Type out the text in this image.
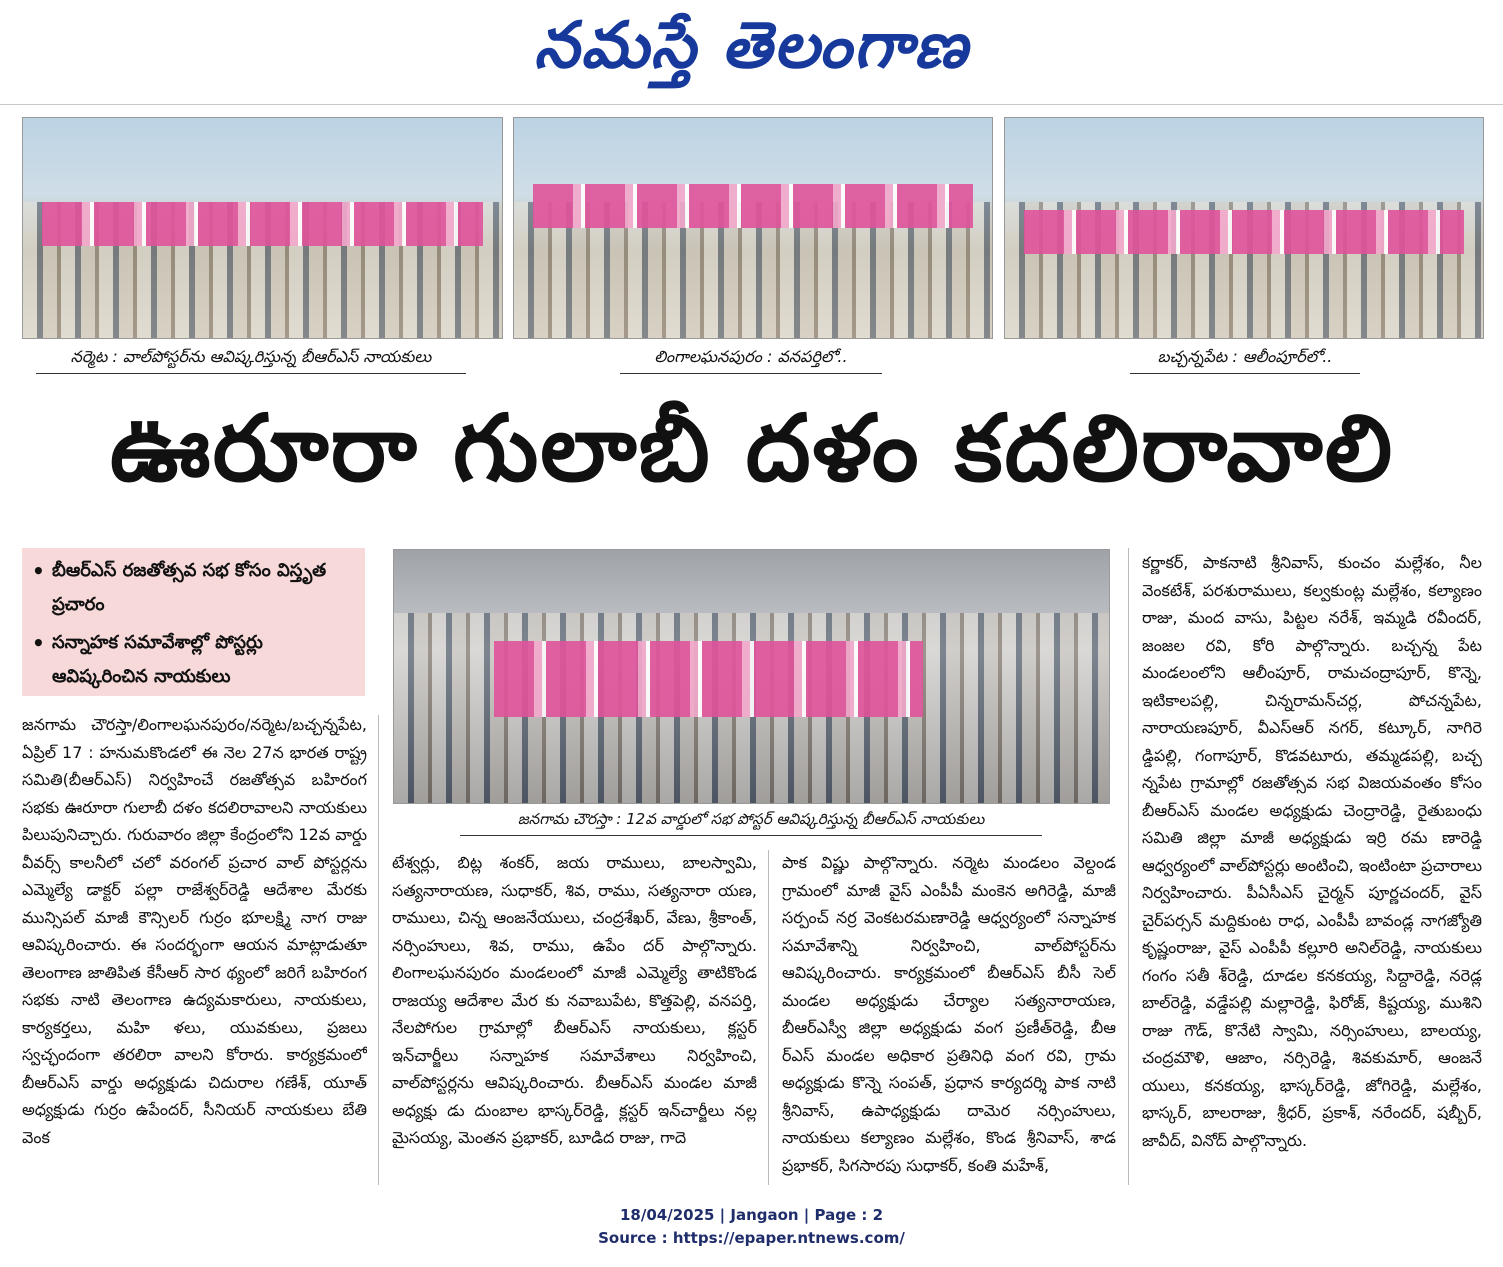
నమస్తే తెలంగాణ
నర్మెట : వాల్‌పోస్టర్‌ను ఆవిష్కరిస్తున్న బీఆర్ఎస్ నాయకులు	లింగాలఘనపురం : వనపర్తిలో..	బచ్చన్నపేట : ఆలీంపూర్‌లో..
ఊరూరా గులాబీ దళం కదలిరావాలి
• బీఆర్ఎస్ రజతోత్సవ సభ కోసం విస్తృత ప్రచారం
• సన్నాహక సమావేశాల్లో పోస్టర్లు ఆవిష్కరించిన నాయకులు
జనగామ చౌరస్తా : 12వ వార్డులో సభ పోస్టర్ ఆవిష్కరిస్తున్న బీఆర్ఎస్ నాయకులు

జనగామ చౌరస్తా/లింగాలఘనపురం/నర్మెట/బచ్చన్నపేట, ఏప్రిల్ 17 : హనుమకొండలో ఈ నెల 27న భారత రాష్ట్ర సమితి(బీఆర్ఎస్) నిర్వహించే రజతోత్సవ బహిరంగ సభకు ఊరూరా గులాబీ దళం కదలిరావాలని నాయకులు పిలుపునిచ్చారు. గురువారం జిల్లా కేంద్రంలోని 12వ వార్డు వీవర్స్ కాలనీలో చలో వరంగల్ ప్రచార వాల్ పోస్టర్లను ఎమ్మెల్యే డాక్టర్ పల్లా రాజేశ్వర్‌రెడ్డి ఆదేశాల మేరకు మున్సిపల్ మాజీ కౌన్సిలర్ గుర్రం భూలక్ష్మి నాగ రాజు ఆవిష్కరించారు. ఈ సందర్భంగా ఆయన మాట్లాడుతూ తెలంగాణ జాతిపిత కేసీఆర్ సార థ్యంలో జరిగే బహిరంగ సభకు నాటి తెలంగాణ ఉద్యమకారులు, నాయకులు, కార్యకర్తలు, మహి ళలు, యువకులు, ప్రజలు స్వచ్ఛందంగా తరలిరా వాలని కోరారు. కార్యక్రమంలో బీఆర్ఎస్ వార్డు అధ్యక్షుడు చిదురాల గణేశ్, యూత్ అధ్యక్షుడు గుర్రం ఉపేందర్, సీనియర్ నాయకులు బేతి వెంక

టేశ్వర్లు, బిట్ల శంకర్, జయ రాములు, బాలస్వామి, సత్యనారాయణ, సుధాకర్, శివ, రాము, సత్యనారా యణ, రాములు, చిన్న ఆంజనేయులు, చంద్రశేఖర్, వేణు, శ్రీకాంత్, నర్సింహులు, శివ, రాము, ఉపేం దర్ పాల్గొన్నారు. లింగాలఘనపురం మండలంలో మాజీ ఎమ్మెల్యే తాటికొండ రాజయ్య ఆదేశాల మేర కు నవాబుపేట, కొత్తపెల్లి, వనపర్తి, నేలపోగుల గ్రామాల్లో బీఆర్ఎస్ నాయకులు, క్లస్టర్ ఇన్‌చార్జీలు సన్నాహక సమావేశాలు నిర్వహించి, వాల్‌పోస్టర్లను ఆవిష్కరించారు. బీఆర్ఎస్ మండల మాజీ అధ్యక్షు డు దుంబాల భాస్కర్‌రెడ్డి, క్లస్టర్ ఇన్‌చార్జీలు నల్ల మైసయ్య, మెంతన ప్రభాకర్, బూడిద రాజు, గాదె

పాక విష్ణు పాల్గొన్నారు. నర్మెట మండలం వెల్దండ గ్రామంలో మాజీ వైస్ ఎంపీపీ మంకెన అగిరెడ్డి, మాజీ సర్పంచ్ నర్ర వెంకటరమణారెడ్డి ఆధ్వర్యంలో సన్నాహక సమావేశాన్ని నిర్వహించి, వాల్‌పోస్టర్‌ను ఆవిష్కరించారు. కార్యక్రమంలో బీఆర్ఎస్ బీసీ సెల్ మండల అధ్యక్షుడు చేర్యాల సత్యనారాయణ, బీఆర్ఎస్వీ జిల్లా అధ్యక్షుడు వంగ ప్రణీత్‌రెడ్డి, బీఆ ర్ఎస్ మండల అధికార ప్రతినిధి వంగ రవి, గ్రామ అధ్యక్షుడు కొన్నె సంపత్, ప్రధాన కార్యదర్శి పాక నాటి శ్రీనివాస్, ఉపాధ్యక్షుడు దామెర నర్సింహులు, నాయకులు కల్యాణం మల్లేశం, కొండ శ్రీనివాస్, శాడ ప్రభాకర్, సిగసారపు సుధాకర్, కంతి మహేశ్,

కర్ణాకర్, పాకనాటి శ్రీనివాస్, కుంచం మల్లేశం, నీల వెంకటేశ్, పరశురాములు, కల్వకుంట్ల మల్లేశం, కల్యాణం రాజు, మంద వాసు, పిట్టల నరేశ్, ఇమ్మడి రవీందర్, జంజల రవి, కోరి పాల్గొన్నారు. బచ్చన్న పేట మండలంలోని ఆలీంపూర్, రామచంద్రాపూర్, కొన్నె, ఇటికాలపల్లి, చిన్నరామన్‌చర్ల, పోచన్నపేట, నారాయణపూర్, వీఎస్ఆర్ నగర్, కట్కూర్, నాగిరె డ్డిపల్లి, గంగాపూర్, కొడవటూరు, తమ్మడపల్లి, బచ్చ న్నపేట గ్రామాల్లో రజతోత్సవ సభ విజయవంతం కోసం బీఆర్ఎస్ మండల అధ్యక్షుడు చెంద్రారెడ్డి, రైతుబంధు సమితి జిల్లా మాజీ అధ్యక్షుడు ఇర్రి రమ ణారెడ్డి ఆధ్వర్యంలో వాల్‌పోస్టర్లు అంటించి, ఇంటింటా ప్రచారాలు నిర్వహించారు. పీఏసీఎస్ చైర్మన్ పూర్ణచందర్, వైస్ చైర్‌పర్సన్ మద్దికుంట రాధ, ఎంపీపీ బావండ్ల నాగజ్యోతి కృష్ణంరాజు, వైస్ ఎంపీపీ కల్లూరి అనిల్‌రెడ్డి, నాయకులు గంగం సతీ శ్‌రెడ్డి, దూడల కనకయ్య, సిద్దారెడ్డి, నరెడ్ల బాల్‌రెడ్డి, వడ్డేపల్లి మల్లారెడ్డి, ఫిరోజ్, కిష్టయ్య, ముశిని రాజు గౌడ్, కొనేటి స్వామి, నర్సింహులు, బాలయ్య, చంద్రమౌళి, ఆజాం, నర్సిరెడ్డి, శివకుమార్, ఆంజనే యులు, కనకయ్య, భాస్కర్‌రెడ్డి, జోగిరెడ్డి, మల్లేశం, భాస్కర్, బాలరాజు, శ్రీధర్, ప్రకాశ్, నరేందర్, షబ్బీర్, జావీద్, వినోద్ పాల్గొన్నారు.

18/04/2025 | Jangaon | Page : 2
Source : https://epaper.ntnews.com/
